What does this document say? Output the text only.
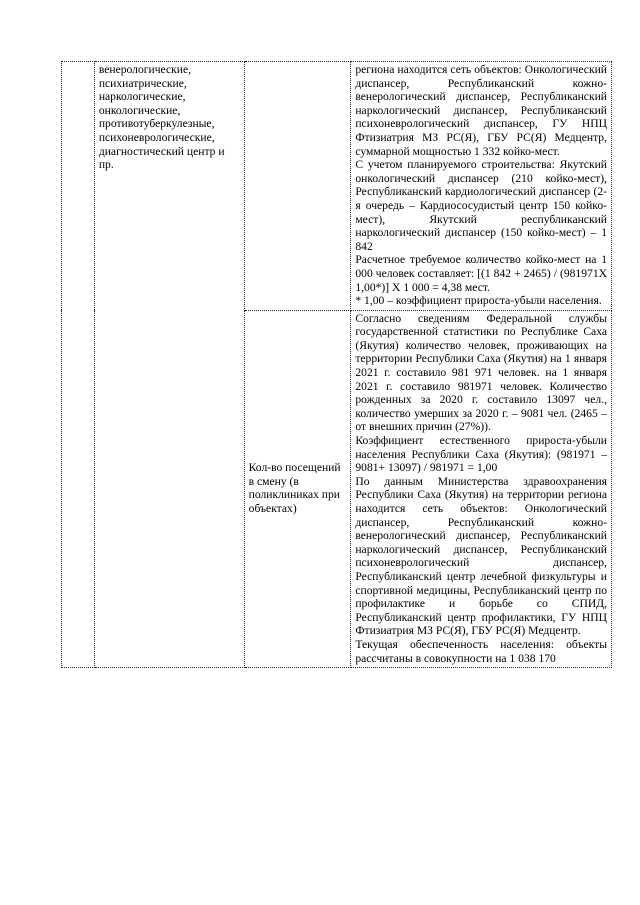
	венерологические, психиатрические, наркологические, онкологические, противотуберкулезные, психоневрологические, диагностический центр и пр.		региона находится сеть объектов: Онкологический диспансер, Республиканский кожно-венерологический диспансер, Республиканский наркологический диспансер, Республиканский психоневрологический диспансер, ГУ НПЦ Фтизиатрия МЗ РС(Я), ГБУ РС(Я) Медцентр, суммарной мощностью 1 332 койко-мест.

С учетом планируемого строительства: Якутский онкологический диспансер (210 койко-мест), Республиканский кардиологический диспансер (2-я очередь – Кардиососудистый центр 150 койко-мест), Якутский республиканский наркологический диспансер (150 койко-мест) – 1 842

Расчетное требуемое количество койко-мест на 1 000 человек составляет: [(1 842 + 2465) / (981971Х 1,00*)] Х 1 000 = 4,38 мест.

* 1,00 – коэффициент прироста-убыли населения.

		Кол-во посещений в смену (в поликлиниках при объектах)	Согласно сведениям Федеральной службы государственной статистики по Республике Саха (Якутия) количество человек, проживающих на территории Республики Саха (Якутия) на 1 января 2021 г. составило 981 971 человек. на 1 января 2021 г. составило 981971 человек. Количество рожденных за 2020 г. составило 13097 чел., количество умерших за 2020 г. – 9081 чел. (2465 – от внешних причин (27%)).

Коэффициент естественного прироста-убыли населения Республики Саха (Якутия): (981971 – 9081+ 13097) / 981971 = 1,00

По данным Министерства здравоохранения Республики Саха (Якутия) на территории региона находится сеть объектов: Онкологический диспансер, Республиканский кожно-венерологический диспансер, Республиканский наркологический диспансер, Республиканский психоневрологический диспансер, Республиканский центр лечебной физкультуры и спортивной медицины, Республиканский центр по профилактике и борьбе со СПИД, Республиканский центр профилактики, ГУ НПЦ Фтизиатрия МЗ РС(Я), ГБУ РС(Я) Медцентр.

Текущая обеспеченность населения: объекты рассчитаны в совокупности на 1 038 170
